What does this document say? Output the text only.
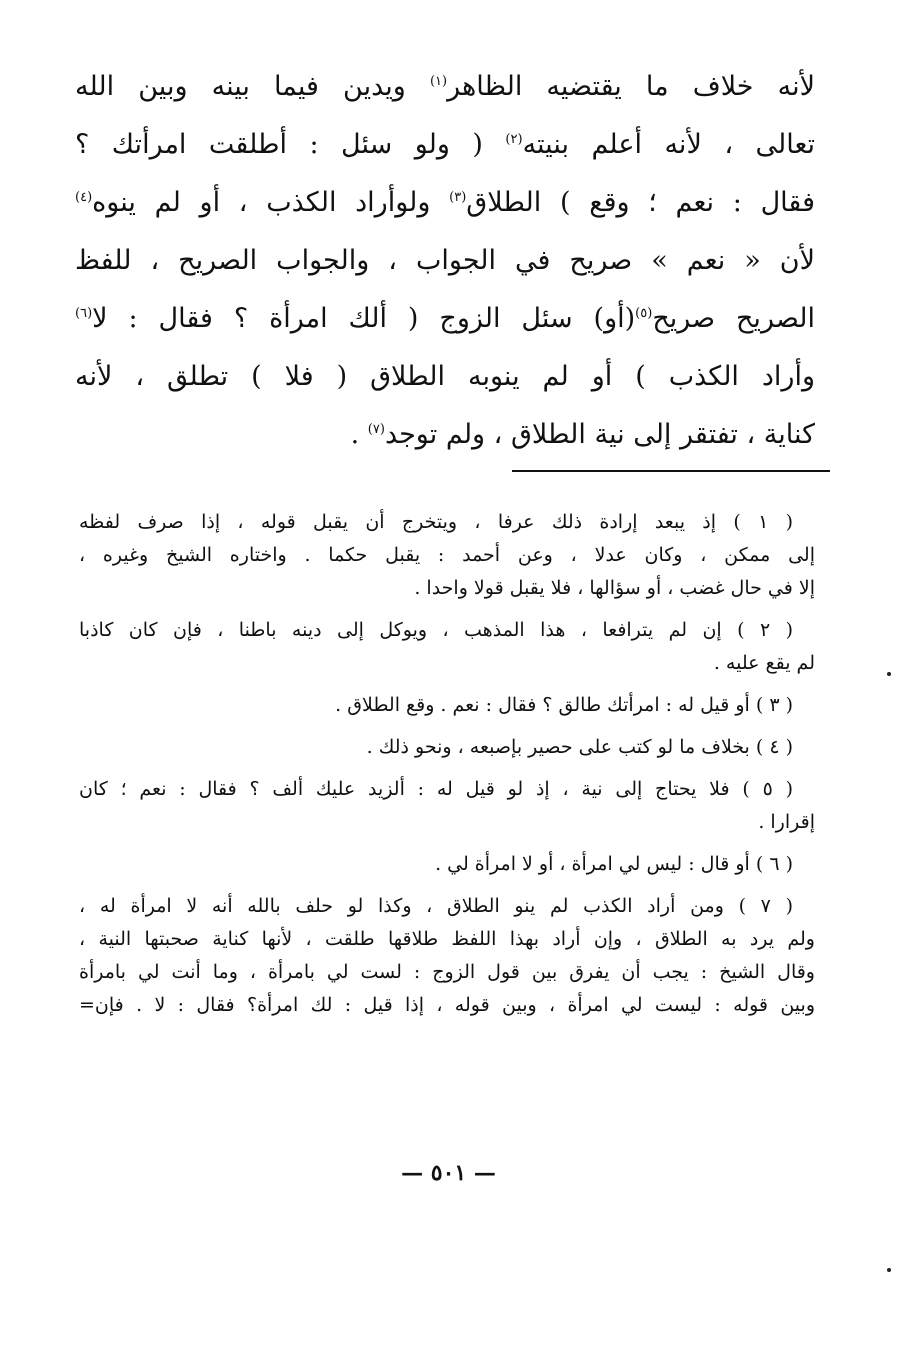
لأنه خلاف ما يقتضيه الظاهر$^{(١)}$ ويدين فيما بينه وبين الله
تعالى ، لأنه أعلم بنيته$^{(٢)}$ ( ولو سئل : أطلقت امرأتك ؟
فقال : نعم ؛ وقع ) الطلاق$^{(٣)}$ ولوأراد الكذب ، أو لم ينوه$^{(٤)}$
لأن « نعم » صريح في الجواب ، والجواب الصريح ، للفظ
الصريح صريح$^{(٥)}$(أو) سئل الزوج ( ألك امرأة ؟ فقال : لا$^{(٦)}$
وأراد الكذب ) أو لم ينوبه الطلاق ( فلا ) تطلق ، لأنه
كناية ، تفتقر إلى نية الطلاق ، ولم توجد$^{(٧)}$ .
( ١ ) إذ يبعد إرادة ذلك عرفا ، ويتخرج أن يقبل قوله ، إذا صرف لفظه
إلى ممكن ، وكان عدلا ، وعن أحمد : يقبل حكما . واختاره الشيخ وغيره ،
إلا في حال غضب ، أو سؤالها ، فلا يقبل قولا واحدا .
( ٢ ) إن لم يترافعا ، هذا المذهب ، ويوكل إلى دينه باطنا ، فإن كان كاذبا
لم يقع عليه .
( ٣ ) أو قيل له : امرأتك طالق ؟ فقال : نعم . وقع الطلاق .
( ٤ ) بخلاف ما لو كتب على حصير بإصبعه ، ونحو ذلك .
( ٥ ) فلا يحتاج إلى نية ، إذ لو قيل له : ألزيد عليك ألف ؟ فقال : نعم ؛ كان
إقرارا .
( ٦ ) أو قال : ليس لي امرأة ، أو لا امرأة لي .
( ٧ ) ومن أراد الكذب لم ينو الطلاق ، وكذا لو حلف بالله أنه لا امرأة له ،
ولم يرد به الطلاق ، وإن أراد بهذا اللفظ طلاقها طلقت ، لأنها كناية صحبتها النية ،
وقال الشيخ : يجب أن يفرق بين قول الزوج : لست لي بامرأة ، وما أنت لي بامرأة
وبين قوله : ليست لي امرأة ، وبين قوله ، إذا قيل : لك امرأة؟ فقال : لا . فإن=
— ٥٠١ —
